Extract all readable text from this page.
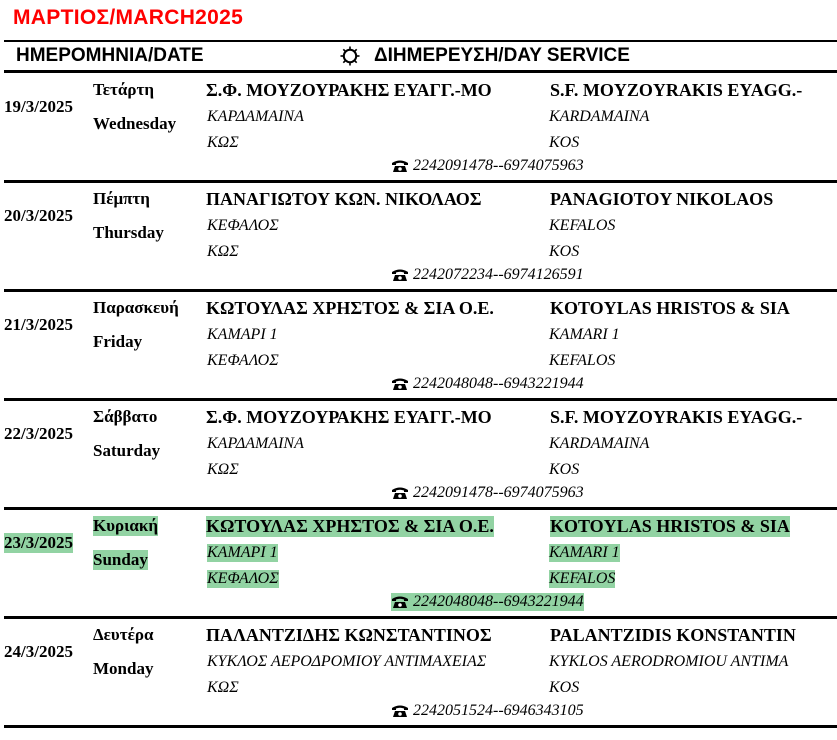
ΜΑΡΤΙΟΣ/MARCH2025
ΗΜΕΡΟΜΗΝΙΑ/DATE	ΔΙΗΜΕΡΕΥΣΗ/DAY SERVICE
19/3/2025
Τετάρτη
Wednesday
Σ.Φ. ΜΟΥΖΟΥΡΑΚΗΣ ΕΥΑΓΓ.-ΜΟ	S.F. MOYZOYRAKIS EYAGG.-
ΚΑΡΔΑΜΑΙΝΑ	KARDAMAINA
ΚΩΣ	KOS
2242091478--6974075963
20/3/2025
Πέμπτη
Thursday
ΠΑΝΑΓΙΩΤΟΥ ΚΩΝ. ΝΙΚΟΛΑΟΣ	PANAGIOTOY NIKOLAOS
ΚΕΦΑΛΟΣ	KEFALOS
ΚΩΣ	KOS
2242072234--6974126591
21/3/2025
Παρασκευή
Friday
ΚΩΤΟΥΛΑΣ ΧΡΗΣΤΟΣ & ΣΙΑ Ο.Ε.	KOTOYLAS HRISTOS & SIA
ΚΑΜΑΡΙ 1	KAMARI 1
ΚΕΦΑΛΟΣ	KEFALOS
2242048048--6943221944
22/3/2025
Σάββατο
Saturday
Σ.Φ. ΜΟΥΖΟΥΡΑΚΗΣ ΕΥΑΓΓ.-ΜΟ	S.F. MOYZOYRAKIS EYAGG.-
ΚΑΡΔΑΜΑΙΝΑ	KARDAMAINA
ΚΩΣ	KOS
2242091478--6974075963
23/3/2025
Κυριακή
Sunday
ΚΩΤΟΥΛΑΣ ΧΡΗΣΤΟΣ & ΣΙΑ Ο.Ε.	KOTOYLAS HRISTOS & SIA
ΚΑΜΑΡΙ 1	KAMARI 1
ΚΕΦΑΛΟΣ	KEFALOS
2242048048--6943221944
24/3/2025
Δευτέρα
Monday
ΠΑΛΑΝΤΖΙΔΗΣ ΚΩΝΣΤΑΝΤΙΝΟΣ	PALANTZIDIS KONSTANTIN
ΚΥΚΛΟΣ ΑΕΡΟΔΡΟΜΙΟΥ ΑΝΤΙΜΑΧΕΙΑΣ	KYKLOS AERODROMIOU ANTIMA
ΚΩΣ	KOS
2242051524--6946343105
